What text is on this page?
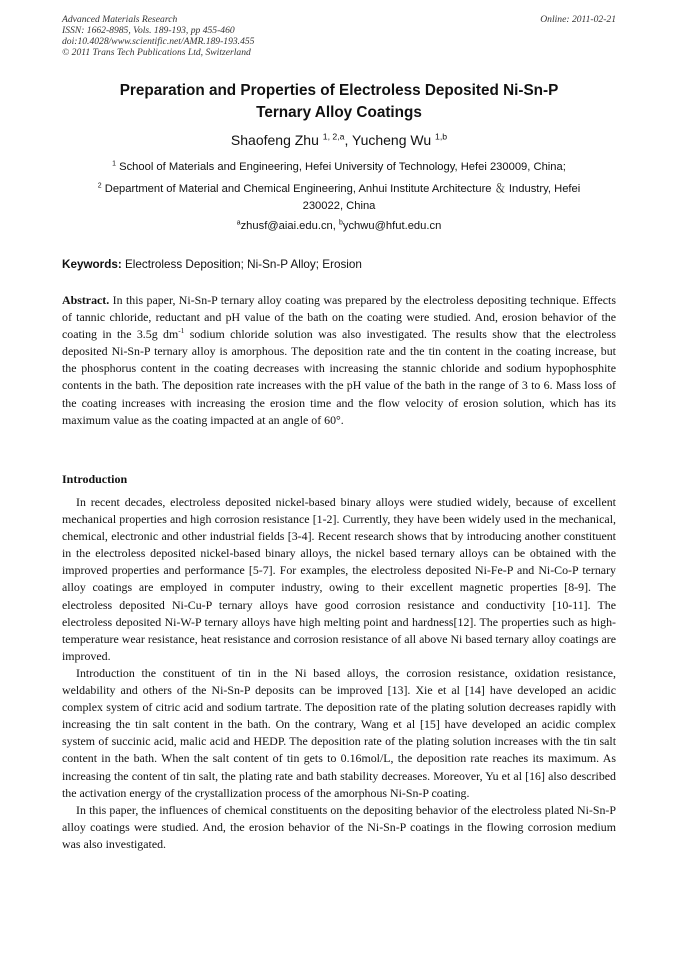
Advanced Materials Research
ISSN: 1662-8985, Vols. 189-193, pp 455-460
doi:10.4028/www.scientific.net/AMR.189-193.455
© 2011 Trans Tech Publications Ltd, Switzerland
Online: 2011-02-21
Preparation and Properties of Electroless Deposited Ni-Sn-P
Ternary Alloy Coatings
Shaofeng Zhu $^{1, 2,a}$, Yucheng Wu $^{1,b}$
$^1$ School of Materials and Engineering, Hefei University of Technology, Hefei 230009, China;
$^2$ Department of Material and Chemical Engineering, Anhui Institute Architecture ＆ Industry, Hefei
230022, China
$^a$zhusf@aiai.edu.cn, $^b$ychwu@hfut.edu.cn
Keywords: Electroless Deposition; Ni-Sn-P Alloy; Erosion

Abstract. In this paper, Ni-Sn-P ternary alloy coating was prepared by the electroless depositing technique. Effects of tannic chloride, reductant and pH value of the bath on the coating were studied. And, erosion behavior of the coating in the 3.5g $dm^{-1}$ sodium chloride solution was also investigated. The results show that the electroless deposited Ni-Sn-P ternary alloy is amorphous. The deposition rate and the tin content in the coating increase, but the phosphorus content in the coating decreases with increasing the stannic chloride and sodium hypophosphite contents in the bath. The deposition rate increases with the pH value of the bath in the range of 3 to 6. Mass loss of the coating increases with increasing the erosion time and the flow velocity of erosion solution, which has its maximum value as the coating impacted at an angle of 60°.

Introduction

In recent decades, electroless deposited nickel-based binary alloys were studied widely, because of excellent mechanical properties and high corrosion resistance [1-2]. Currently, they have been widely used in the mechanical, chemical, electronic and other industrial fields [3-4]. Recent research shows that by introducing another constituent in the electroless deposited nickel-based binary alloys, the nickel based ternary alloys can be obtained with the improved properties and performance [5-7]. For examples, the electroless deposited Ni-Fe-P and Ni-Co-P ternary alloy coatings are employed in computer industry, owing to their excellent magnetic properties [8-9]. The electroless deposited Ni-Cu-P ternary alloys have good corrosion resistance and conductivity [10-11]. The electroless deposited Ni-W-P ternary alloys have high melting point and hardness[12]. The properties such as high-temperature wear resistance, heat resistance and corrosion resistance of all above Ni based ternary alloy coatings are improved.

Introduction the constituent of tin in the Ni based alloys, the corrosion resistance, oxidation resistance, weldability and others of the Ni-Sn-P deposits can be improved [13]. Xie et al [14] have developed an acidic complex system of citric acid and sodium tartrate. The deposition rate of the plating solution decreases rapidly with increasing the tin salt content in the bath. On the contrary, Wang et al [15] have developed an acidic complex system of succinic acid, malic acid and HEDP. The deposition rate of the plating solution increases with the tin salt content in the bath. When the salt content of tin gets to 0.16mol/L, the deposition rate reaches its maximum. As increasing the content of tin salt, the plating rate and bath stability decreases. Moreover, Yu et al [16] also described the activation energy of the crystallization process of the amorphous Ni-Sn-P coating.

In this paper, the influences of chemical constituents on the depositing behavior of the electroless plated Ni-Sn-P alloy coatings were studied. And, the erosion behavior of the Ni-Sn-P coatings in the flowing corrosion medium was also investigated.
